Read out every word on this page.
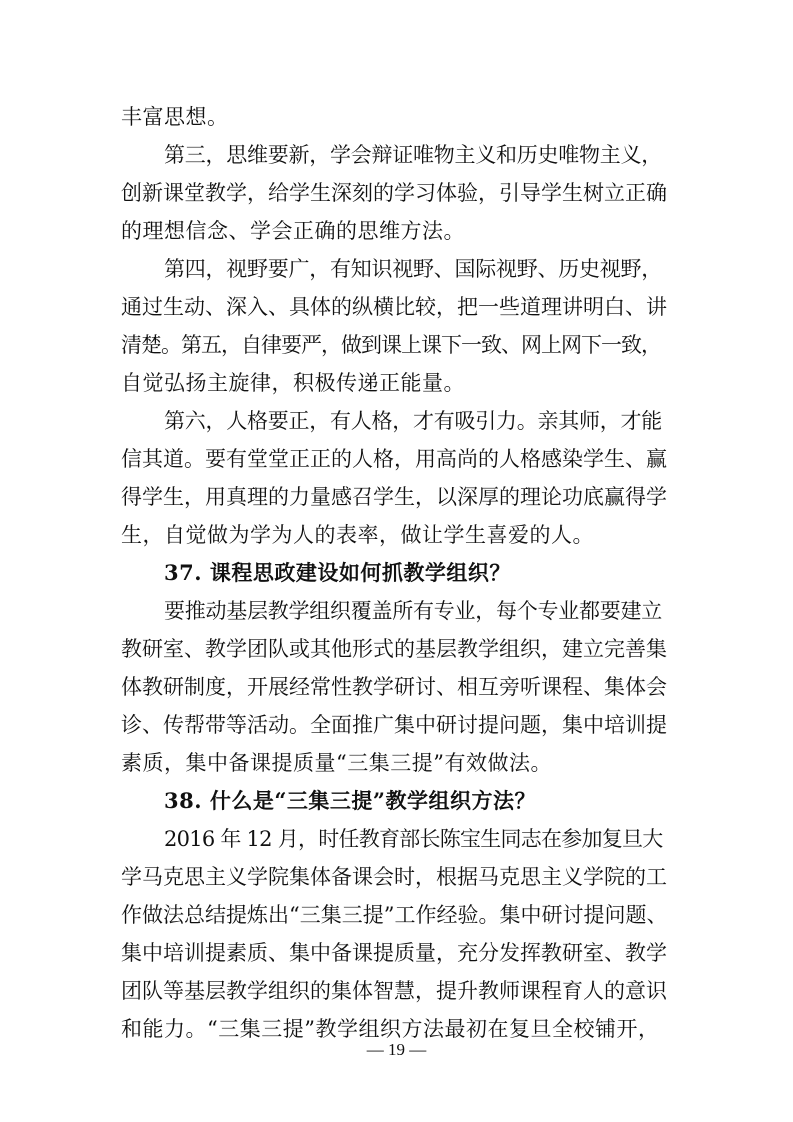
丰富思想。
第三，思维要新，学会辩证唯物主义和历史唯物主义，
创新课堂教学，给学生深刻的学习体验，引导学生树立正确
的理想信念、学会正确的思维方法。
第四，视野要广，有知识视野、国际视野、历史视野，
通过生动、深入、具体的纵横比较，把一些道理讲明白、讲
清楚。第五，自律要严，做到课上课下一致、网上网下一致，
自觉弘扬主旋律，积极传递正能量。
第六，人格要正，有人格，才有吸引力。亲其师，才能
信其道。要有堂堂正正的人格，用高尚的人格感染学生、赢
得学生，用真理的力量感召学生，以深厚的理论功底赢得学
生，自觉做为学为人的表率，做让学生喜爱的人。
37. 课程思政建设如何抓教学组织？
要推动基层教学组织覆盖所有专业，每个专业都要建立
教研室、教学团队或其他形式的基层教学组织，建立完善集
体教研制度，开展经常性教学研讨、相互旁听课程、集体会
诊、传帮带等活动。全面推广集中研讨提问题，集中培训提
素质，集中备课提质量“三集三提”有效做法。
38. 什么是“三集三提”教学组织方法？
2016 年 12 月，时任教育部长陈宝生同志在参加复旦大
学马克思主义学院集体备课会时，根据马克思主义学院的工
作做法总结提炼出“三集三提”工作经验。集中研讨提问题、
集中培训提素质、集中备课提质量，充分发挥教研室、教学
团队等基层教学组织的集体智慧，提升教师课程育人的意识
和能力。“三集三提”教学组织方法最初在复旦全校铺开，
— 19 —
